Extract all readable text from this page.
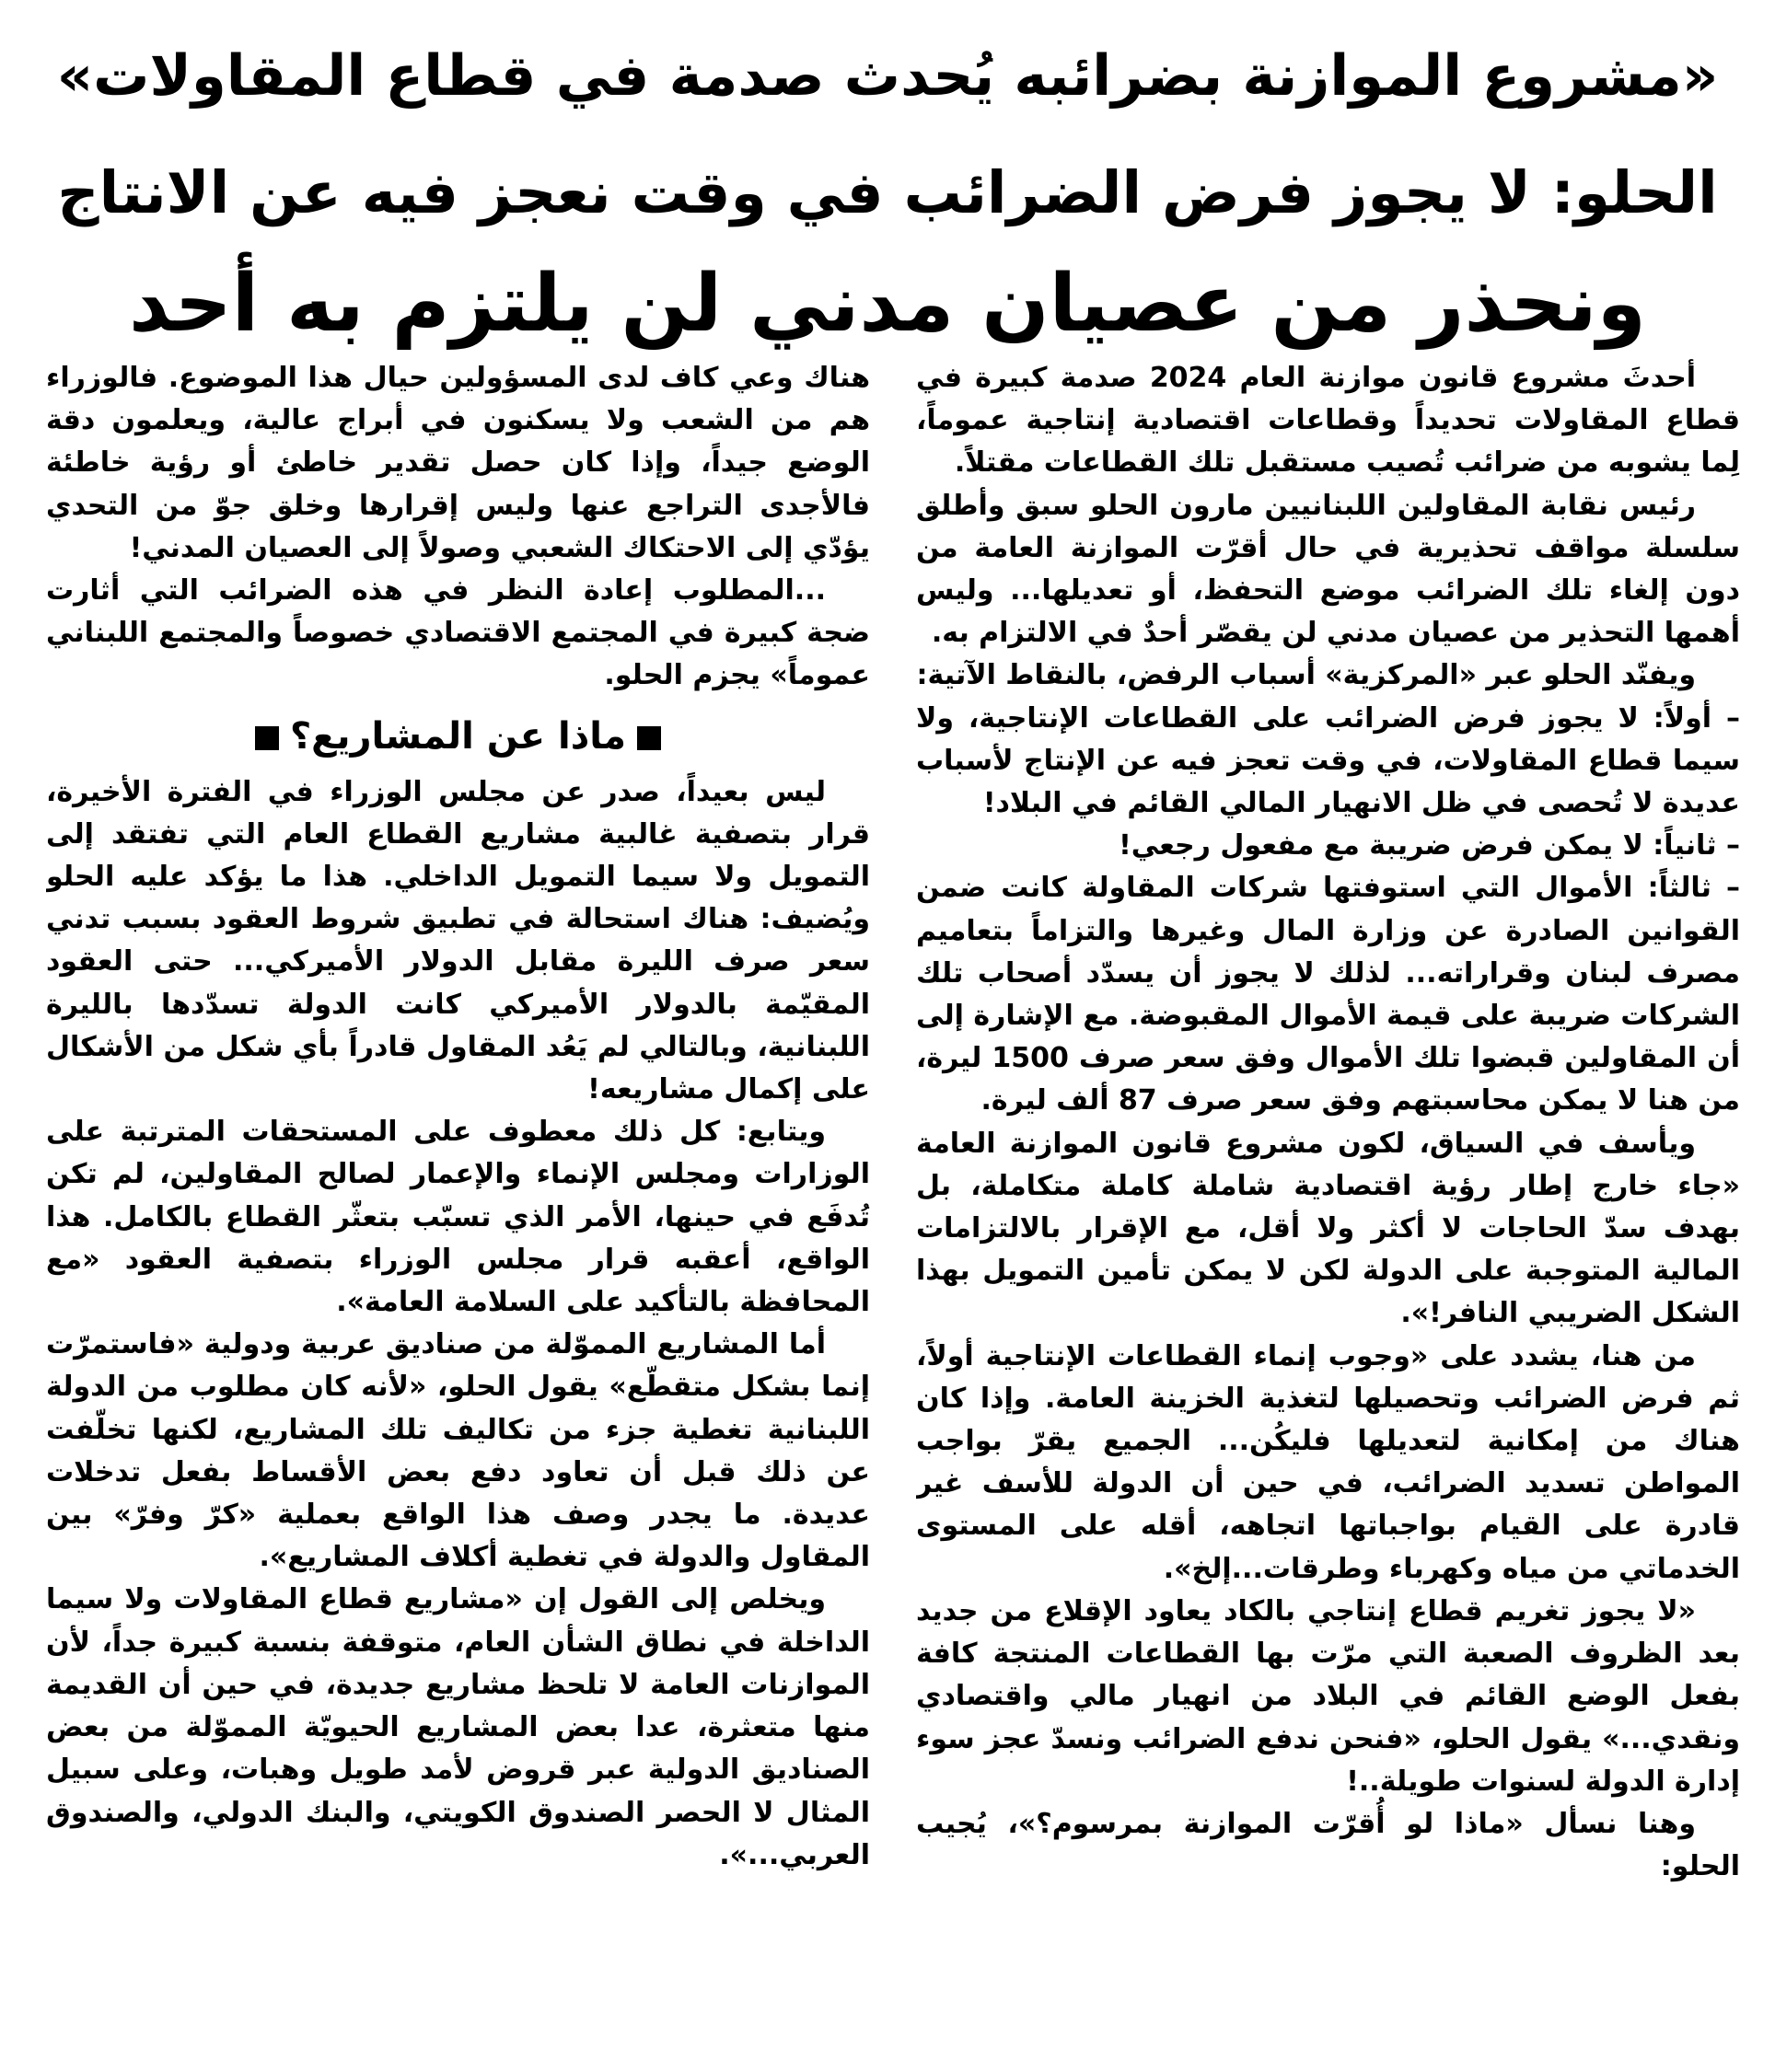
«مشروع الموازنة بضرائبه يُحدث صدمة في قطاع المقاولات»
الحلو: لا يجوز فرض الضرائب في وقت نعجز فيه عن الانتاج
ونحذر من عصيان مدني لن يلتزم به أحد

أحدثَ مشروع قانون موازنة العام 2024 صدمة كبيرة في قطاع المقاولات تحديداً وقطاعات اقتصادية إنتاجية عموماً، لِما يشوبه من ضرائب تُصيب مستقبل تلك القطاعات مقتلاً.

رئيس نقابة المقاولين اللبنانيين مارون الحلو سبق وأطلق سلسلة مواقف تحذيرية في حال أقرّت الموازنة العامة من دون إلغاء تلك الضرائب موضع التحفظ، أو تعديلها... وليس أهمها التحذير من عصيان مدني لن يقصّر أحدٌ في الالتزام به.

ويفنّد الحلو عبر «المركزية» أسباب الرفض، بالنقاط الآتية:

– أولاً: لا يجوز فرض الضرائب على القطاعات الإنتاجية، ولا سيما قطاع المقاولات، في وقت تعجز فيه عن الإنتاج لأسباب عديدة لا تُحصى في ظل الانهيار المالي القائم في البلاد!

– ثانياً: لا يمكن فرض ضريبة مع مفعول رجعي!

– ثالثاً: الأموال التي استوفتها شركات المقاولة كانت ضمن القوانين الصادرة عن وزارة المال وغيرها والتزاماً بتعاميم مصرف لبنان وقراراته... لذلك لا يجوز أن يسدّد أصحاب تلك الشركات ضريبة على قيمة الأموال المقبوضة. مع الإشارة إلى أن المقاولين قبضوا تلك الأموال وفق سعر صرف 1500 ليرة، من هنا لا يمكن محاسبتهم وفق سعر صرف 87 ألف ليرة.

ويأسف في السياق، لكون مشروع قانون الموازنة العامة «جاء خارج إطار رؤية اقتصادية شاملة كاملة متكاملة، بل بهدف سدّ الحاجات لا أكثر ولا أقل، مع الإقرار بالالتزامات المالية المتوجبة على الدولة لكن لا يمكن تأمين التمويل بهذا الشكل الضريبي النافر!».

من هنا، يشدد على «وجوب إنماء القطاعات الإنتاجية أولاً، ثم فرض الضرائب وتحصيلها لتغذية الخزينة العامة. وإذا كان هناك من إمكانية لتعديلها فليكُن... الجميع يقرّ بواجب المواطن تسديد الضرائب، في حين أن الدولة للأسف غير قادرة على القيام بواجباتها اتجاهه، أقله على المستوى الخدماتي من مياه وكهرباء وطرقات...إلخ».

«لا يجوز تغريم قطاع إنتاجي بالكاد يعاود الإقلاع من جديد بعد الظروف الصعبة التي مرّت بها القطاعات المنتجة كافة بفعل الوضع القائم في البلاد من انهيار مالي واقتصادي ونقدي...» يقول الحلو، «فنحن ندفع الضرائب ونسدّ عجز سوء إدارة الدولة لسنوات طويلة..!

وهنا نسأل «ماذا لو أُقرّت الموازنة بمرسوم؟»، يُجيب الحلو:

هناك وعي كاف لدى المسؤولين حيال هذا الموضوع. فالوزراء هم من الشعب ولا يسكنون في أبراج عالية، ويعلمون دقة الوضع جيداً، وإذا كان حصل تقدير خاطئ أو رؤية خاطئة فالأجدى التراجع عنها وليس إقرارها وخلق جوّ من التحدي يؤدّي إلى الاحتكاك الشعبي وصولاً إلى العصيان المدني!

...المطلوب إعادة النظر في هذه الضرائب التي أثارت ضجة كبيرة في المجتمع الاقتصادي خصوصاً والمجتمع اللبناني عموماً» يجزم الحلو.

ماذا عن المشاريع؟

ليس بعيداً، صدر عن مجلس الوزراء في الفترة الأخيرة، قرار بتصفية غالبية مشاريع القطاع العام التي تفتقد إلى التمويل ولا سيما التمويل الداخلي. هذا ما يؤكد عليه الحلو ويُضيف: هناك استحالة في تطبيق شروط العقود بسبب تدني سعر صرف الليرة مقابل الدولار الأميركي... حتى العقود المقيّمة بالدولار الأميركي كانت الدولة تسدّدها بالليرة اللبنانية، وبالتالي لم يَعُد المقاول قادراً بأي شكل من الأشكال على إكمال مشاريعه!

ويتابع: كل ذلك معطوف على المستحقات المترتبة على الوزارات ومجلس الإنماء والإعمار لصالح المقاولين، لم تكن تُدفَع في حينها، الأمر الذي تسبّب بتعثّر القطاع بالكامل. هذا الواقع، أعقبه قرار مجلس الوزراء بتصفية العقود «مع المحافظة بالتأكيد على السلامة العامة».

أما المشاريع المموّلة من صناديق عربية ودولية «فاستمرّت إنما بشكل متقطّع» يقول الحلو، «لأنه كان مطلوب من الدولة اللبنانية تغطية جزء من تكاليف تلك المشاريع، لكنها تخلّفت عن ذلك قبل أن تعاود دفع بعض الأقساط بفعل تدخلات عديدة. ما يجدر وصف هذا الواقع بعملية «كرّ وفرّ» بين المقاول والدولة في تغطية أكلاف المشاريع».

ويخلص إلى القول إن «مشاريع قطاع المقاولات ولا سيما الداخلة في نطاق الشأن العام، متوقفة بنسبة كبيرة جداً، لأن الموازنات العامة لا تلحظ مشاريع جديدة، في حين أن القديمة منها متعثرة، عدا بعض المشاريع الحيويّة المموّلة من بعض الصناديق الدولية عبر قروض لأمد طويل وهبات، وعلى سبيل المثال لا الحصر الصندوق الكويتي، والبنك الدولي، والصندوق العربي...».
